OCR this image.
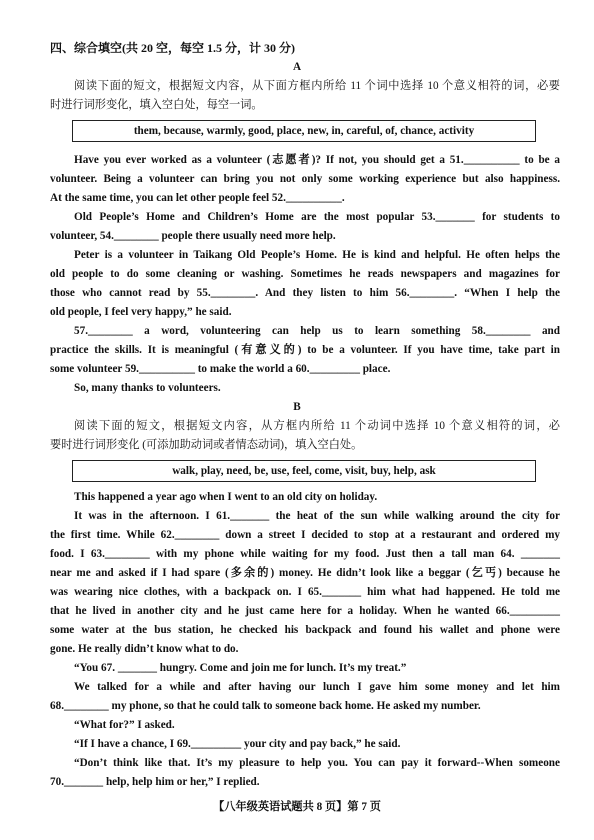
四、综合填空(共 20 空，每空 1.5 分，计 30 分)
A
阅读下面的短文，根据短文内容，从下面方框内所给 11 个词中选择 10 个意义相符的词，必要
时进行词形变化，填入空白处，每空一词。
them, because, warmly, good, place, new, in, careful, of, chance, activity
Have you ever worked as a volunteer (志愿者)? If not, you should get a 51.__________ to be a
volunteer. Being a volunteer can bring you not only some working experience but also happiness.
At the same time, you can let other people feel 52.__________.
Old People’s Home and Children’s Home are the most popular 53._______ for students to
volunteer, 54.________ people there usually need more help.
Peter is a volunteer in Taikang Old People’s Home. He is kind and helpful. He often helps the
old people to do some cleaning or washing. Sometimes he reads newspapers and magazines for
those who cannot read by 55.________. And they listen to him 56.________. “When I help the
old people, I feel very happy,” he said.
57.________ a word, volunteering can help us to learn something 58.________ and
practice the skills. It is meaningful (有意义的) to be a volunteer. If you have time, take part in
some volunteer 59.__________ to make the world a 60._________ place.
So, many thanks to volunteers.
B
阅读下面的短文，根据短文内容，从方框内所给 11 个动词中选择 10 个意义相符的词，必
要时进行词形变化 (可添加助动词或者情态动词)，填入空白处。
walk, play, need, be, use, feel, come, visit, buy, help, ask
This happened a year ago when I went to an old city on holiday.
It was in the afternoon. I 61._______ the heat of the sun while walking around the city for
the first time. While 62.________ down a street I decided to stop at a restaurant and ordered my
food. I 63.________ with my phone while waiting for my food. Just then a tall man 64. _______
near me and asked if I had spare (多余的) money. He didn’t look like a beggar (乞丐) because he
was wearing nice clothes, with a backpack on. I 65._______ him what had happened. He told me
that he lived in another city and he just came here for a holiday. When he wanted 66._________
some water at the bus station, he checked his backpack and found his wallet and phone were
gone. He really didn’t know what to do.
“You 67. _______ hungry. Come and join me for lunch. It’s my treat.”
We talked for a while and after having our lunch I gave him some money and let him
68.________ my phone, so that he could talk to someone back home. He asked my number.
“What for?” I asked.
“If I have a chance, I 69._________ your city and pay back,” he said.
“Don’t think like that. It’s my pleasure to help you. You can pay it forward--When someone
70._______ help, help him or her,” I replied.
【八年级英语试题共 8 页】第 7 页
